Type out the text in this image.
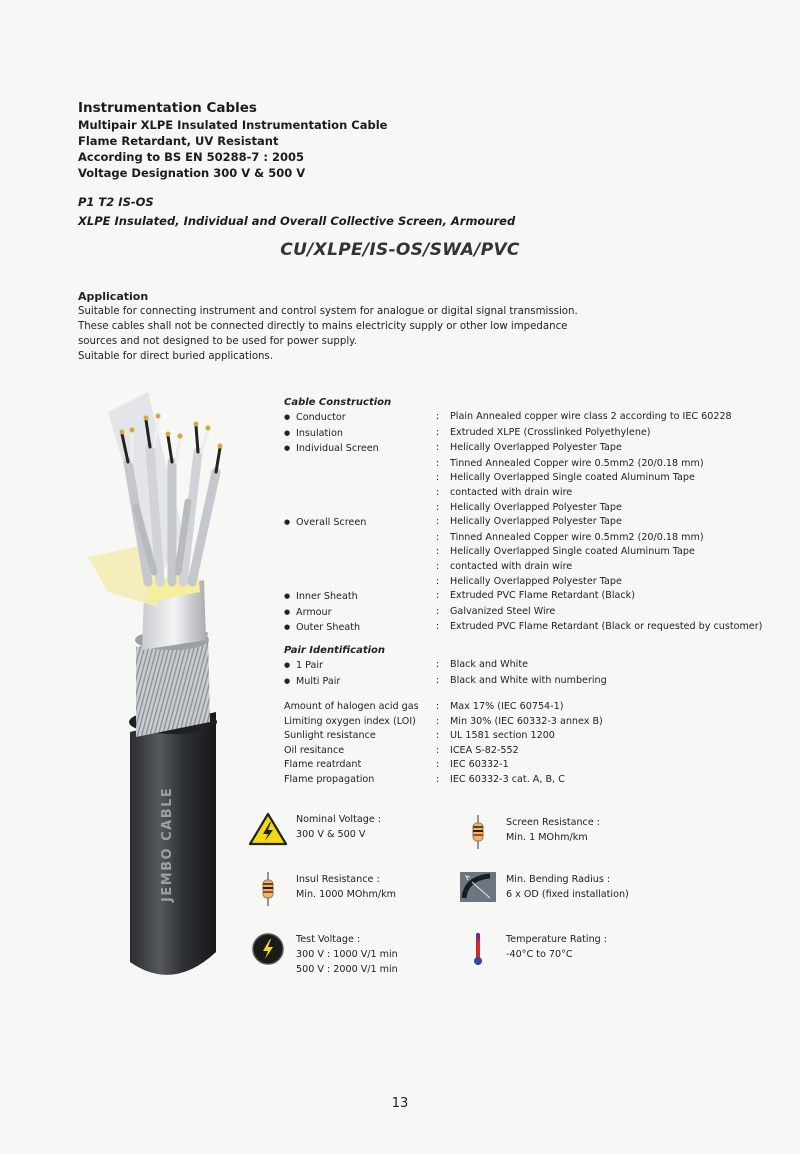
Instrumentation Cables
Multipair XLPE Insulated Instrumentation Cable
Flame Retardant, UV Resistant
According to BS EN 50288-7 : 2005
Voltage Designation 300 V & 500 V
P1 T2 IS-OS
XLPE Insulated, Individual and Overall Collective Screen, Armoured
CU/XLPE/IS-OS/SWA/PVC
Application
Suitable for connecting instrument and control system for analogue or digital signal transmission.
These cables shall not be connected directly to mains electricity supply or other low impedance
sources and not designed to be used for power supply.
Suitable for direct buried applications.
JEMBO CABLE
Cable Construction
● Conductor	:	Plain Annealed copper wire class 2 according to IEC 60228
● Insulation	:	Extruded XLPE (Crosslinked Polyethylene)
● Individual Screen	:	Helically Overlapped Polyester Tape
:	Tinned Annealed Copper wire 0.5mm2 (20/0.18 mm)
:	Helically Overlapped Single coated Aluminum Tape
:	contacted with drain wire
:	Helically Overlapped Polyester Tape
● Overall Screen	:	Helically Overlapped Polyester Tape
:	Tinned Annealed Copper wire 0.5mm2 (20/0.18 mm)
:	Helically Overlapped Single coated Aluminum Tape
:	contacted with drain wire
:	Helically Overlapped Polyester Tape
● Inner Sheath	:	Extruded PVC Flame Retardant (Black)
● Armour	:	Galvanized Steel Wire
● Outer Sheath	:	Extruded PVC Flame Retardant (Black or requested by customer)
Pair Identification
● 1 Pair	:	Black and White
● Multi Pair	:	Black and White with numbering
Amount of halogen acid gas	:	Max 17% (IEC 60754-1)
Limiting oxygen index (LOI)	:	Min 30% (IEC 60332-3 annex B)
Sunlight resistance	:	UL 1581 section 1200
Oil resitance	:	ICEA S-82-552
Flame reatrdant	:	IEC 60332-1
Flame propagation	:	IEC 60332-3 cat. A, B, C
Nominal Voltage :
300 V & 500 V
Screen Resistance :
Min. 1 MOhm/km
Insul Resistance :
Min. 1000 MOhm/km
Min. Bending Radius :
6 x OD (fixed installation)
Test Voltage :
300 V : 1000 V/1 min
500 V : 2000 V/1 min
Temperature Rating :
-40°C to 70°C
13
